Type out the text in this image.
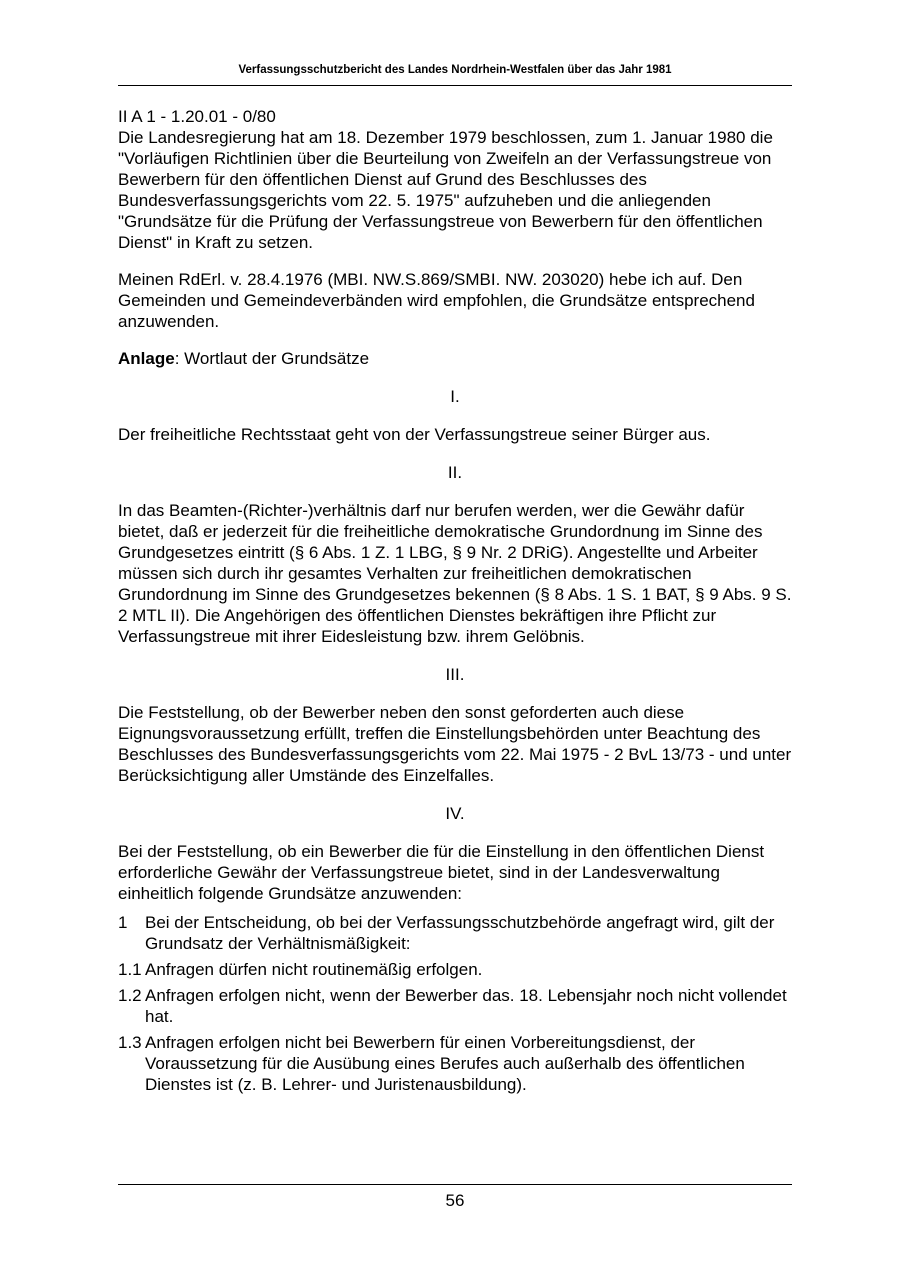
Verfassungsschutzbericht des Landes Nordrhein-Westfalen über das Jahr 1981

II A 1 - 1.20.01 - 0/80

Die Landesregierung hat am 18. Dezember 1979 beschlossen, zum 1. Januar 1980 die "Vorläufigen Richtlinien über die Beurteilung von Zweifeln an der Verfassungstreue von Bewerbern für den öffentlichen Dienst auf Grund des Beschlusses des Bundesverfassungsgerichts vom 22. 5. 1975" aufzuheben und die anliegenden "Grundsätze für die Prüfung der Verfassungstreue von Bewerbern für den öffentlichen Dienst" in Kraft zu setzen.

Meinen RdErl. v. 28.4.1976 (MBI. NW.S.869/SMBI. NW. 203020) hebe ich auf. Den Gemeinden und Gemeindeverbänden wird empfohlen, die Grundsätze entsprechend anzuwenden.

Anlage: Wortlaut der Grundsätze

I.

Der freiheitliche Rechtsstaat geht von der Verfassungstreue seiner Bürger aus.

II.

In das Beamten-(Richter-)verhältnis darf nur berufen werden, wer die Gewähr dafür bietet, daß er jederzeit für die freiheitliche demokratische Grundordnung im Sinne des Grundgesetzes eintritt (§ 6 Abs. 1 Z. 1 LBG, § 9 Nr. 2 DRiG). Angestellte und Arbeiter müssen sich durch ihr gesamtes Verhalten zur freiheitlichen demokratischen Grundordnung im Sinne des Grundgesetzes bekennen (§ 8 Abs. 1 S. 1 BAT, § 9 Abs. 9 S. 2 MTL II). Die Angehörigen des öffentlichen Dienstes bekräftigen ihre Pflicht zur Verfassungstreue mit ihrer Eidesleistung bzw. ihrem Gelöbnis.

III.

Die Feststellung, ob der Bewerber neben den sonst geforderten auch diese Eignungsvoraussetzung erfüllt, treffen die Einstellungsbehörden unter Beachtung des Beschlusses des Bundesverfassungsgerichts vom 22. Mai 1975 - 2 BvL 13/73 - und unter Berücksichtigung aller Umstände des Einzelfalles.

IV.

Bei der Feststellung, ob ein Bewerber die für die Einstellung in den öffentlichen Dienst erforderliche Gewähr der Verfassungstreue bietet, sind in der Landesverwaltung einheitlich folgende Grundsätze anzuwenden:

1	Bei der Entscheidung, ob bei der Verfassungsschutzbehörde angefragt wird, gilt der Grundsatz der Verhältnismäßigkeit:
1.1 Anfragen dürfen nicht routinemäßig erfolgen.
1.2 Anfragen erfolgen nicht, wenn der Bewerber das. 18. Lebensjahr noch nicht vollendet hat.
1.3 Anfragen erfolgen nicht bei Bewerbern für einen Vorbereitungsdienst, der Voraussetzung für die Ausübung eines Berufes auch außerhalb des öffentlichen Dienstes ist (z. B. Lehrer- und Juristenausbildung).
56
